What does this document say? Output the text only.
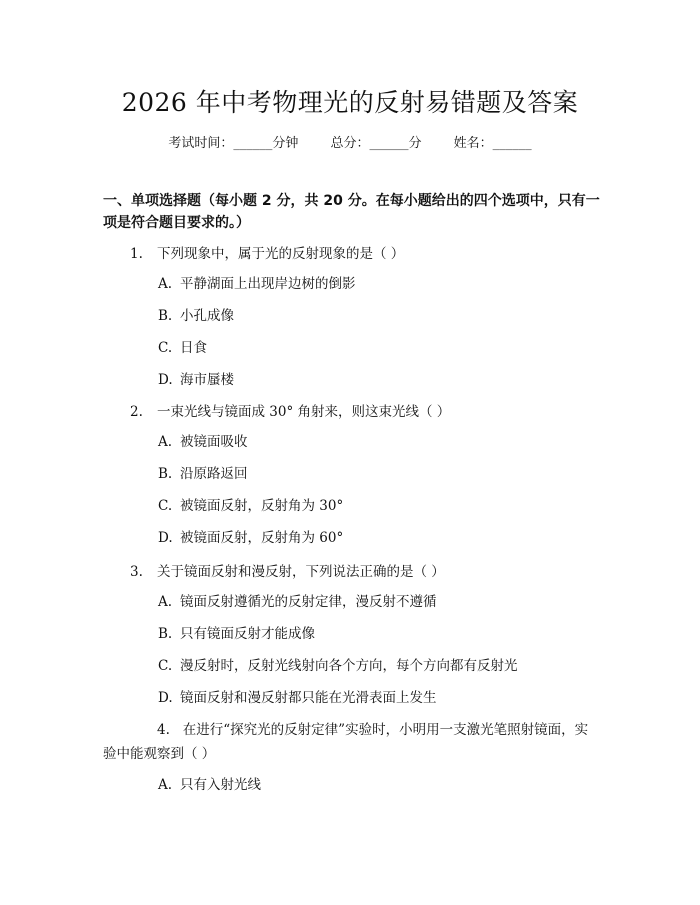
2026 年中考物理光的反射易错题及答案
考试时间：______分钟 总分：______分 姓名：______
一、单项选择题（每小题 2 分，共 20 分。在每小题给出的四个选项中，只有一项是符合题目要求的。）
1. 下列现象中，属于光的反射现象的是（ ）
A. 平静湖面上出现岸边树的倒影
B. 小孔成像
C. 日食
D. 海市蜃楼
2. 一束光线与镜面成 30° 角射来，则这束光线（ ）
A. 被镜面吸收
B. 沿原路返回
C. 被镜面反射，反射角为 30°
D. 被镜面反射，反射角为 60°
3. 关于镜面反射和漫反射，下列说法正确的是（ ）
A. 镜面反射遵循光的反射定律，漫反射不遵循
B. 只有镜面反射才能成像
C. 漫反射时，反射光线射向各个方向，每个方向都有反射光
D. 镜面反射和漫反射都只能在光滑表面上发生
4. 在进行“探究光的反射定律”实验时，小明用一支激光笔照射镜面，实验中能观察到（ ）
A. 只有入射光线
